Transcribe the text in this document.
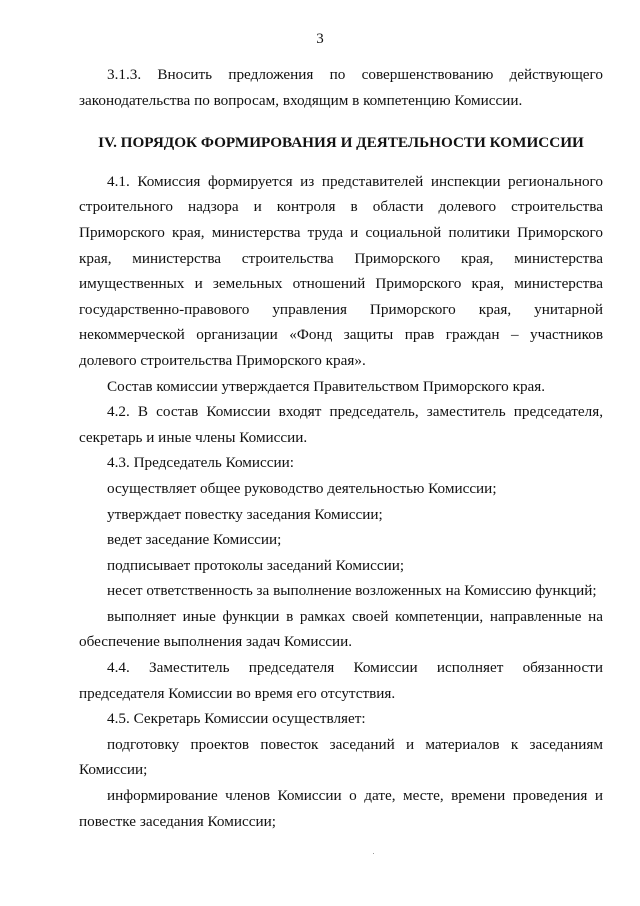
3

3.1.3. Вносить предложения по совершенствованию действующего законодательства по вопросам, входящим в компетенцию Комиссии.

IV. ПОРЯДОК ФОРМИРОВАНИЯ И ДЕЯТЕЛЬНОСТИ КОМИССИИ

4.1. Комиссия формируется из представителей инспекции регионального строительного надзора и контроля в области долевого строительства Приморского края, министерства труда и социальной политики Приморского края, министерства строительства Приморского края, министерства имущественных и земельных отношений Приморского края, министерства государственно-правового управления Приморского края, унитарной некоммерческой организации «Фонд защиты прав граждан – участников долевого строительства Приморского края».

Состав комиссии утверждается Правительством Приморского края.

4.2. В состав Комиссии входят председатель, заместитель председателя, секретарь и иные члены Комиссии.

4.3. Председатель Комиссии:

осуществляет общее руководство деятельностью Комиссии;

утверждает повестку заседания Комиссии;

ведет заседание Комиссии;

подписывает протоколы заседаний Комиссии;

несет ответственность за выполнение возложенных на Комиссию функций;

выполняет иные функции в рамках своей компетенции, направленные на обеспечение выполнения задач Комиссии.

4.4. Заместитель председателя Комиссии исполняет обязанности председателя Комиссии во время его отсутствия.

4.5. Секретарь Комиссии осуществляет:

подготовку проектов повесток заседаний и материалов к заседаниям Комиссии;

информирование членов Комиссии о дате, месте, времени проведения и повестке заседания Комиссии;
